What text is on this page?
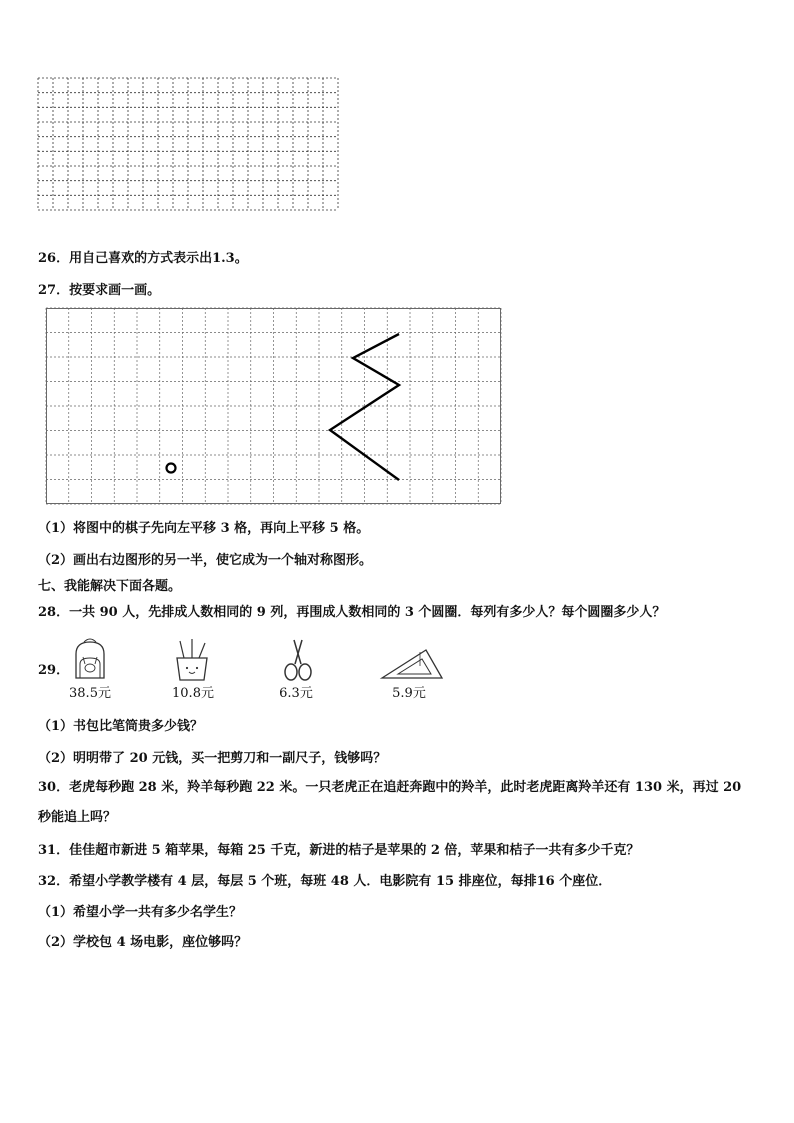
26．用自己喜欢的方式表示出1.3。
27．按要求画一画。
（1）将图中的棋子先向左平移 3 格，再向上平移 5 格。
（2）画出右边图形的另一半，使它成为一个轴对称图形。
七、我能解决下面各题。
28．一共 90 人，先排成人数相同的 9 列，再围成人数相同的 3 个圆圈．每列有多少人？每个圆圈多少人？
29．
38.5元	10.8元	6.3元	5.9元
（1）书包比笔筒贵多少钱？
（2）明明带了 20 元钱，买一把剪刀和一副尺子，钱够吗？
30．老虎每秒跑 28 米，羚羊每秒跑 22 米。一只老虎正在追赶奔跑中的羚羊，此时老虎距离羚羊还有 130 米，再过 20
秒能追上吗？
31．佳佳超市新进 5 箱苹果，每箱 25 千克，新进的桔子是苹果的 2 倍，苹果和桔子一共有多少千克？
32．希望小学教学楼有 4 层，每层 5 个班，每班 48 人．电影院有 15 排座位，每排16 个座位．
（1）希望小学一共有多少名学生？
（2）学校包 4 场电影，座位够吗？
